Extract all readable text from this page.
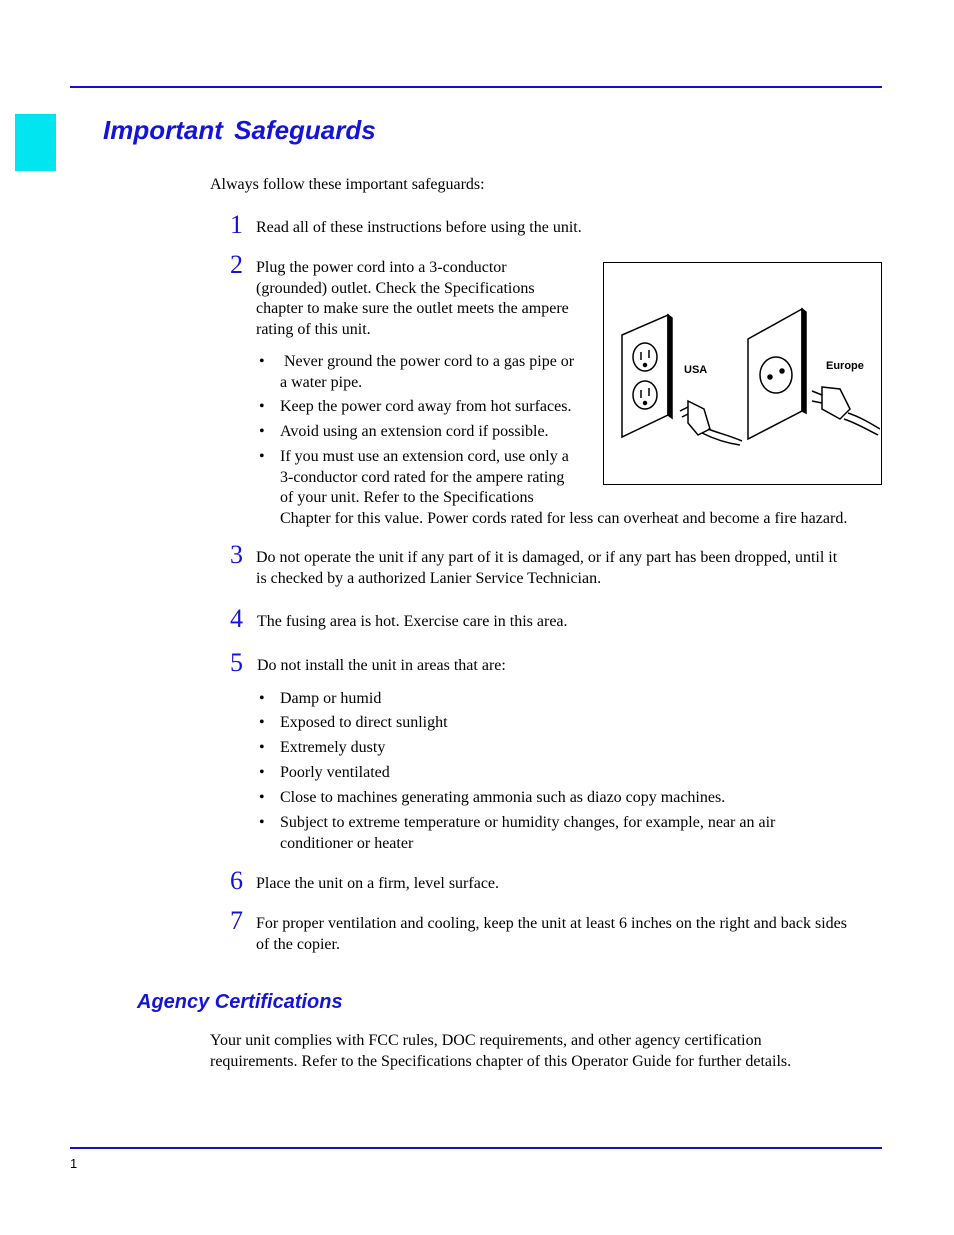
Important Safeguards
Always follow these important safeguards:
1 Read all of these instructions before using the unit.
2 Plug the power cord into a 3-conductor
(grounded) outlet. Check the Specifications
chapter to make sure the outlet meets the ampere
rating of this unit.
• Never ground the power cord to a gas pipe or
a water pipe.
• Keep the power cord away from hot surfaces.
• Avoid using an extension cord if possible.
• If you must use an extension cord, use only a
3-conductor cord rated for the ampere rating
of your unit. Refer to the Specifications
Chapter for this value. Power cords rated for less can overheat and become a fire hazard.
USA	Europe
3 Do not operate the unit if any part of it is damaged, or if any part has been dropped, until it
is checked by a authorized Lanier Service Technician.
4 The fusing area is hot. Exercise care in this area.
5 Do not install the unit in areas that are:
• Damp or humid
• Exposed to direct sunlight
• Extremely dusty
• Poorly ventilated
• Close to machines generating ammonia such as diazo copy machines.
• Subject to extreme temperature or humidity changes, for example, near an air
conditioner or heater
6 Place the unit on a firm, level surface.
7 For proper ventilation and cooling, keep the unit at least 6 inches on the right and back sides
of the copier.
Agency Certifications
Your unit complies with FCC rules, DOC requirements, and other agency certification
requirements. Refer to the Specifications chapter of this Operator Guide for further details.
1
